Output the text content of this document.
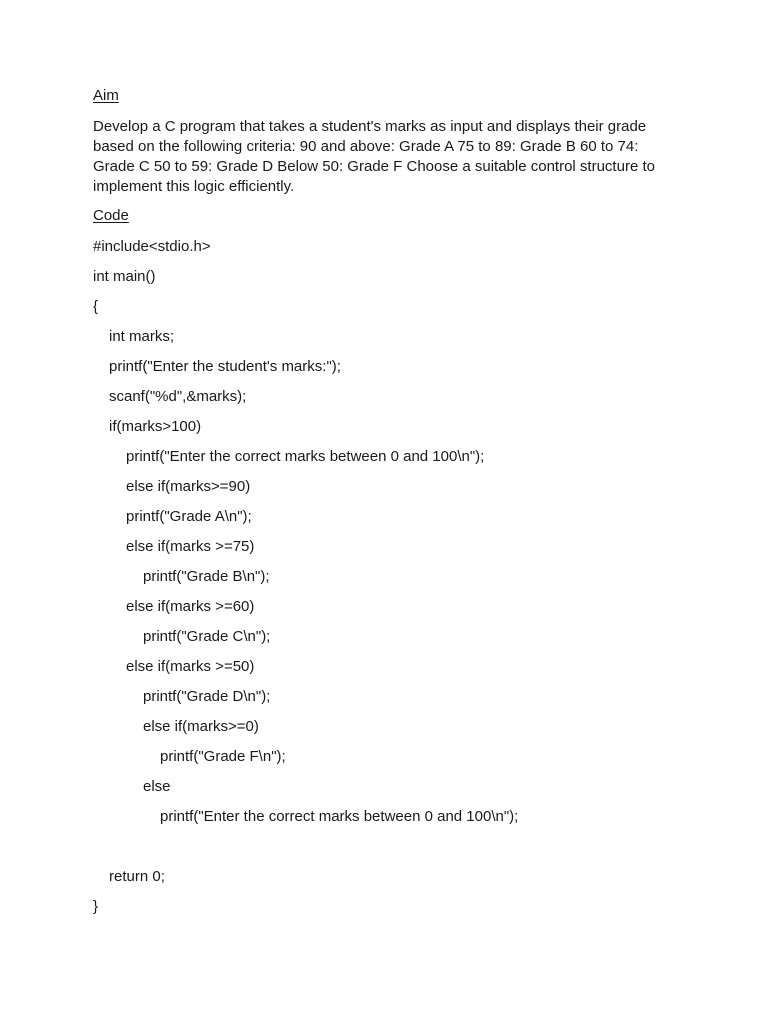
Aim
Develop a C program that takes a student's marks as input and displays their grade based on the following criteria: 90 and above: Grade A 75 to 89: Grade B 60 to 74: Grade C 50 to 59: Grade D Below 50: Grade F Choose a suitable control structure to implement this logic efficiently.
Code
#include<stdio.h>
int main()
{
int marks;
printf("Enter the student's marks:");
scanf("%d",&marks);
if(marks>100)
printf("Enter the correct marks between 0 and 100\n");
else if(marks>=90)
printf("Grade A\n");
else if(marks >=75)
printf("Grade B\n");
else if(marks >=60)
printf("Grade C\n");
else if(marks >=50)
printf("Grade D\n");
else if(marks>=0)
printf("Grade F\n");
else
printf("Enter the correct marks between 0 and 100\n");
return 0;
}
